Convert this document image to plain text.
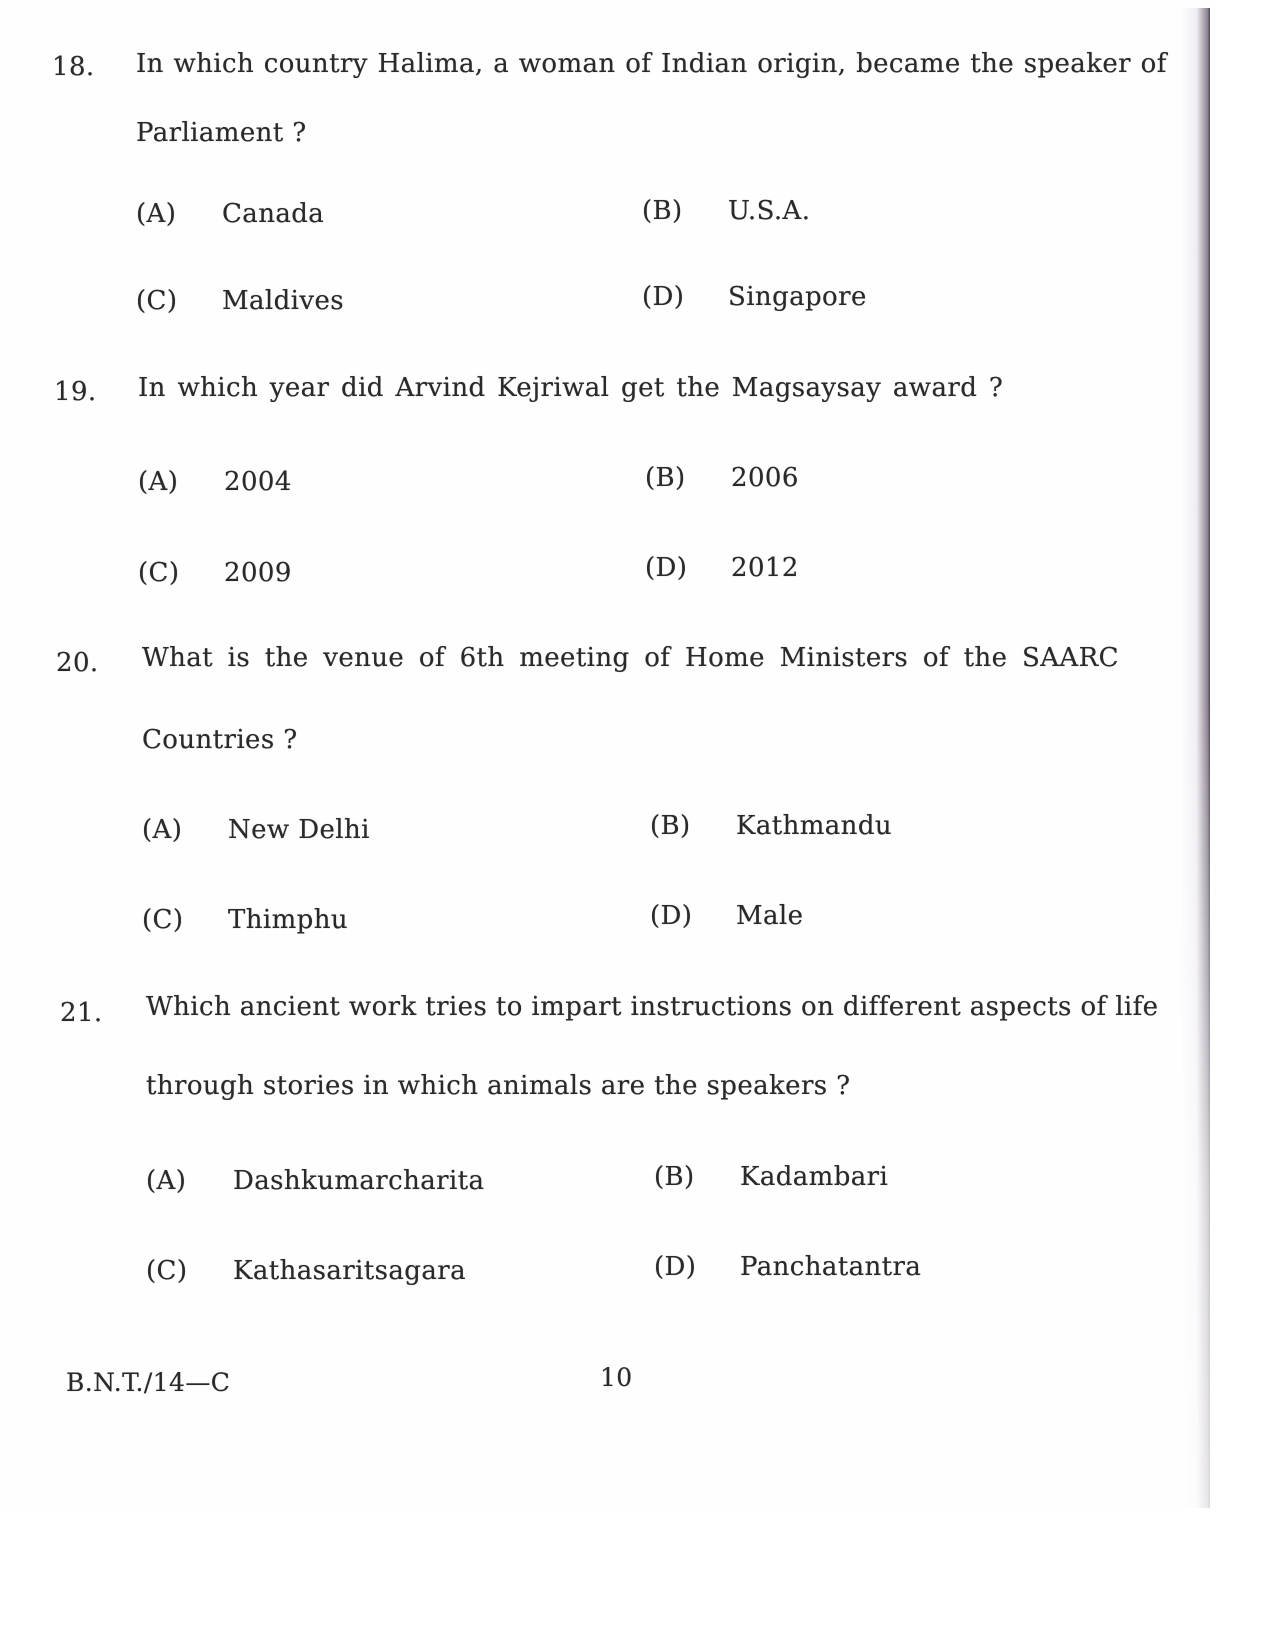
18. In which country Halima, a woman of Indian origin, became the speaker of
Parliament ?
(A) Canada	(B) U.S.A.
(C) Maldives	(D) Singapore
19. In which year did Arvind Kejriwal get the Magsaysay award ?
(A) 2004	(B) 2006
(C) 2009	(D) 2012
20. What is the venue of 6th meeting of Home Ministers of the SAARC
Countries ?
(A) New Delhi	(B) Kathmandu
(C) Thimphu	(D) Male
21. Which ancient work tries to impart instructions on different aspects of life
through stories in which animals are the speakers ?
(A) Dashkumarcharita	(B) Kadambari
(C) Kathasaritsagara	(D) Panchatantra
B.N.T./14—C	10
